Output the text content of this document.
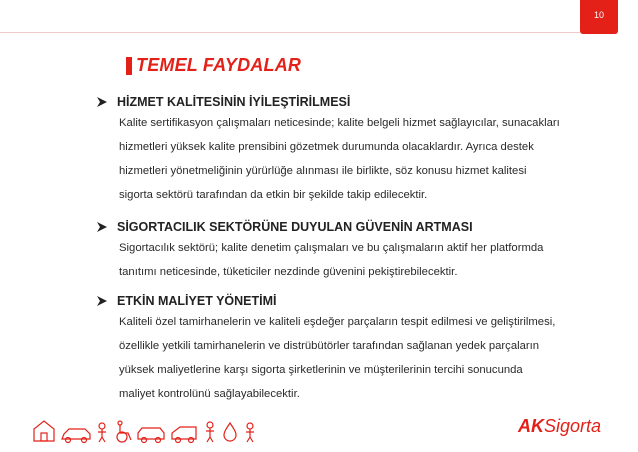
10
TEMEL FAYDALAR
HİZMET KALİTESİNİN İYİLEŞTİRİLMESİ
Kalite sertifikasyon çalışmaları neticesinde; kalite belgeli hizmet sağlayıcılar, sunacakları
hizmetleri yüksek kalite prensibini gözetmek durumunda olacaklardır. Ayrıca destek
hizmetleri yönetmeliğinin yürürlüğe alınması ile birlikte, söz konusu hizmet kalitesi
sigorta sektörü tarafından da etkin bir şekilde takip edilecektir.
SİGORTACILIK SEKTÖRÜNE DUYULAN GÜVENİN ARTMASI
Sigortacılık sektörü; kalite denetim çalışmaları ve bu çalışmaların aktif her platformda
tanıtımı neticesinde, tüketiciler nezdinde güvenini pekiştirebilecektir.
ETKİN MALİYET YÖNETİMİ
Kaliteli özel tamirhanelerin ve kaliteli eşdeğer parçaların tespit edilmesi ve geliştirilmesi,
özellikle yetkili tamirhanelerin ve distrübütörler tarafından sağlanan yedek parçaların
yüksek maliyetlerine karşı sigorta şirketlerinin ve müşterilerinin tercihi sonucunda
maliyet kontrolünü sağlayabilecektir.
AKSigorta
